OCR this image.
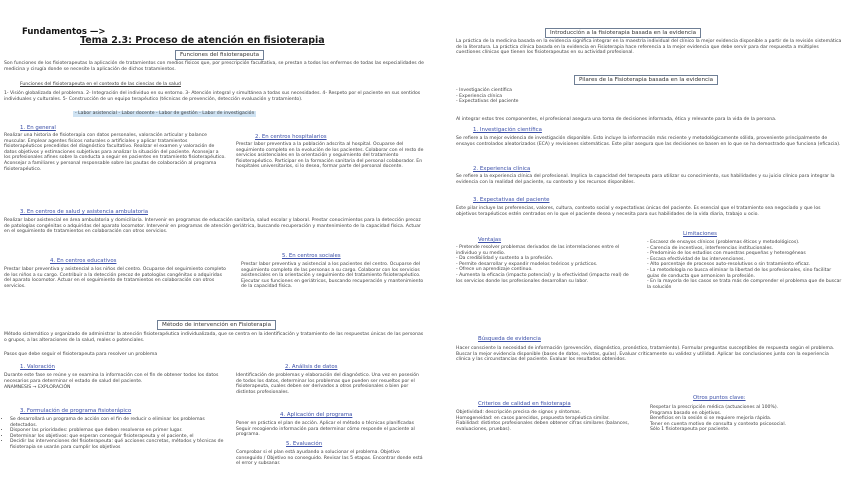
Fundamentos —>
Tema 2.3: Proceso de atención en fisioterapia
Funciones del fisioterapeuta
Son funciones de los fisioterapeutas la aplicación de tratamientos con medios físicos que, por prescripción facultativa, se prestan a todos los enfermos de todas las especialidades de medicina y cirugía donde se necesite la aplicación de dichos tratamientos.
Funciones del fisioterapeuta en el contexto de las ciencias de la salud
1- Visión globalizada del problema. 2- Integración del individuo en su entorno. 3- Atención integral y simultánea a todas sus necesidades. 4- Respeto por el paciente en sus sentidos individuales y culturales. 5- Construcción de un equipo terapéutico (técnicas de prevención, detección evaluación y tratamiento).
- Labor asistencial - Labor docente - Labor de gestión - Labor de investigación
1. En general
Realizar una historia de fisioterapia con datos personales, valoración articular y balance muscular. Emplear agentes físicos naturales o artificiales y aplicar tratamientos fisioterapéuticos precedidos del diagnóstico facultativo. Realizar el examen y valoración de datos objetivos y estimaciones subjetivas para analizar la situación del paciente. Aconsejar a los profesionales afines sobre la conducta a seguir en pacientes en tratamiento fisioterapéutico. Aconsejar a familiares y personal responsable sobre las pautas de colaboración al programa fisioterapéutico.
2. En centros hospitalarios
Prestar labor preventiva a la población adscrita al hospital. Ocuparse del seguimiento completo en la evolución de los pacientes. Colaborar con el resto de servicios asistenciales en la orientación y seguimiento del tratamiento fisioterapéutico. Participar en la formación sanitaria del personal colaborador. En hospitales universitarios, si lo desea, formar parte del personal docente.
3. En centros de salud y asistencia ambulatoria
Realizar labor asistencial en área ambulatoria y domiciliaria. Intervenir en programas de educación sanitaria, salud escolar y laboral. Prestar conocimientos para la detección precoz de patologías congénitas o adquiridas del aparato locomotor. Intervenir en programas de atención geriátrica, buscando recuperación y mantenimiento de la capacidad física. Actuar en el seguimiento de tratamientos en colaboración con otros servicios.
4. En centros educativos
Prestar labor preventiva y asistencial a los niños del centro. Ocuparse del seguimiento completo de los niños a su cargo. Contribuir a la detección precoz de patologías congénitas o adquiridas del aparato locomotor. Actuar en el seguimiento de tratamientos en colaboración con otros servicios.
5. En centros sociales
Prestar labor preventiva y asistencial a los pacientes del centro. Ocuparse del seguimiento completo de las personas a su cargo. Colaborar con los servicios asistenciales en la orientación y seguimiento del tratamiento fisioterapéutico. Ejecutar sus funciones en geriátricos, buscando recuperación y mantenimiento de la capacidad física.
Método de intervención en Fisioterapia
Método sistemático y organizado de administrar la atención fisioterapéutica individualizada, que se centra en la identificación y tratamiento de las respuestas únicas de las personas o grupos, a las alteraciones de la salud, reales o potenciales.
Pasos que debe seguir el fisioterapeuta para resolver un problema
1. Valoración
Durante este fase se reúne y se examina la información con el fin de obtener todos los datos necesarios para determinar el estado de salud del paciente.
ANAMNESIS → EXPLORACIÓN
2. Análisis de datos
Identificación de problemas y elaboración del diagnóstico. Una vez en posesión de todos los datos, determinar los problemas que pueden ser resueltos por el fisioterapeuta, cuales deben ser derivados a otros profesionales o bien por distintos profesionales.
3. Formulación de programa fisioterápico
• Se desarrollará un programa de acción con el fin de reducir o eliminar los problemas detectados.
• Disponer las prioridades: problemas que deben resolverse en primer lugar.
• Determinar los objetivos: que esperan conseguir fisioterapeuta y el paciente, el
• Decidir las intervenciones del fisioterapeuta: qué acciones concretas, métodos y técnicas de fisioterapia se usarán para cumplir los objetivos
4. Aplicación del programa
Poner en práctica el plan de acción. Aplicar el método o técnicas planificadas Seguir recogiendo información para determinar cómo responde el paciente al programa.
5. Evaluación
Comprobar si el plan está ayudando a solucionar el problema. Objetivo conseguido / Objetivo no conseguido. Revisar las 5 etapas. Encontrar donde está el error y subsanar.
Introducción a la fisioterapia basada en la evidencia
La práctica de la medicina basada en la evidencia significa integrar en la maestría individual del clínico la mejor evidencia disponible a partir de la revisión sistemática de la literatura. La práctica clínica basada en la evidencia en Fisioterapia hace referencia a la mejor evidencia que debe servir para dar respuesta a múltiples cuestiones clínicas que tienen los fisioterapeutas en su actividad profesional.
Pilares de la Fisioterapia basada en la evidencia
- Investigación científica
- Experiencia clínica
- Expectativas del paciente
Al integrar estos tres componentes, el profesional asegura una toma de decisiones informada, ética y relevante para la vida de la persona.
1. Investigación científica
Se refiere a la mejor evidencia de investigación disponible. Esto incluye la información más reciente y metodológicamente sólida, proveniente principalmente de ensayos controlados aleatorizados (ECA) y revisiones sistemáticas. Este pilar asegura que las decisiones se basen en lo que se ha demostrado que funciona (eficacia).
2. Experiencia clínica
Se refiere a la experiencia clínica del profesional. Implica la capacidad del terapeuta para utilizar su conocimiento, sus habilidades y su juicio clínico para integrar la evidencia con la realidad del paciente, su contexto y los recursos disponibles.
3. Expectativas del paciente
Este pilar incluye las preferencias, valores, cultura, contexto social y expectativas únicas del paciente. Es esencial que el tratamiento sea negociado y que los objetivos terapéuticos estén centrados en lo que el paciente desea y necesita para sus habilidades de la vida diaria, trabajo u ocio.
Ventajas
- Pretende resolver problemas derivados de las interrelaciones entre el individuo y su medio.
- Da credibilidad y sustento a la profesión.
- Permite desarrollar y expandir modelos teóricos y prácticos.
- Ofrece un aprendizaje continuo.
- Aumenta la eficacia (impacto potencial) y la efectividad (impacto real) de los servicios donde los profesionales desarrollan su labor.
Limitaciones
- Escasez de ensayos clínicos (problemas éticos y metodológicos).
- Carencia de incentivos, interferencias institucionales.
- Predominio de los estudios con muestras pequeñas y heterogéneas
- Escasa efectividad de las intervenciones.
- Alto porcentaje de procesos auto-resolutivos o sin tratamiento eficaz.
- La metodología no busca eliminar la libertad de los profesionales, sino facilitar guías de conducta que armonicen la profesión.
- En la mayoría de los casos se trata más de comprender el problema que de buscar la solución
Búsqueda de evidencia
Hacer consciente la necesidad de información (prevención, diagnóstico, pronóstico, tratamiento). Formular preguntas susceptibles de respuesta según el problema. Buscar la mejor evidencia disponible (bases de datos, revistas, guías). Evaluar críticamente su validez y utilidad. Aplicar las conclusiones junto con la experiencia clínica y las circunstancias del paciente. Evaluar los resultados obtenidos.
Criterios de calidad en fisioterapia
Objetividad: descripción precisa de signos y síntomas.
Homogeneidad: en casos parecidos, propuesta terapéutica similar.
Fiabilidad: distintos profesionales deben obtener cifras similares (balances, evaluaciones, pruebas).
Otros puntos clave:
Respetar la prescripción médica (actuaciones al 100%).
Programa basado en objetivos.
Beneficios en la sesión si se requiere mejoría rápida.
Tener en cuenta motivo de consulta y contexto psicosocial.
Sólo 1 fisioterapeuta por paciente.
